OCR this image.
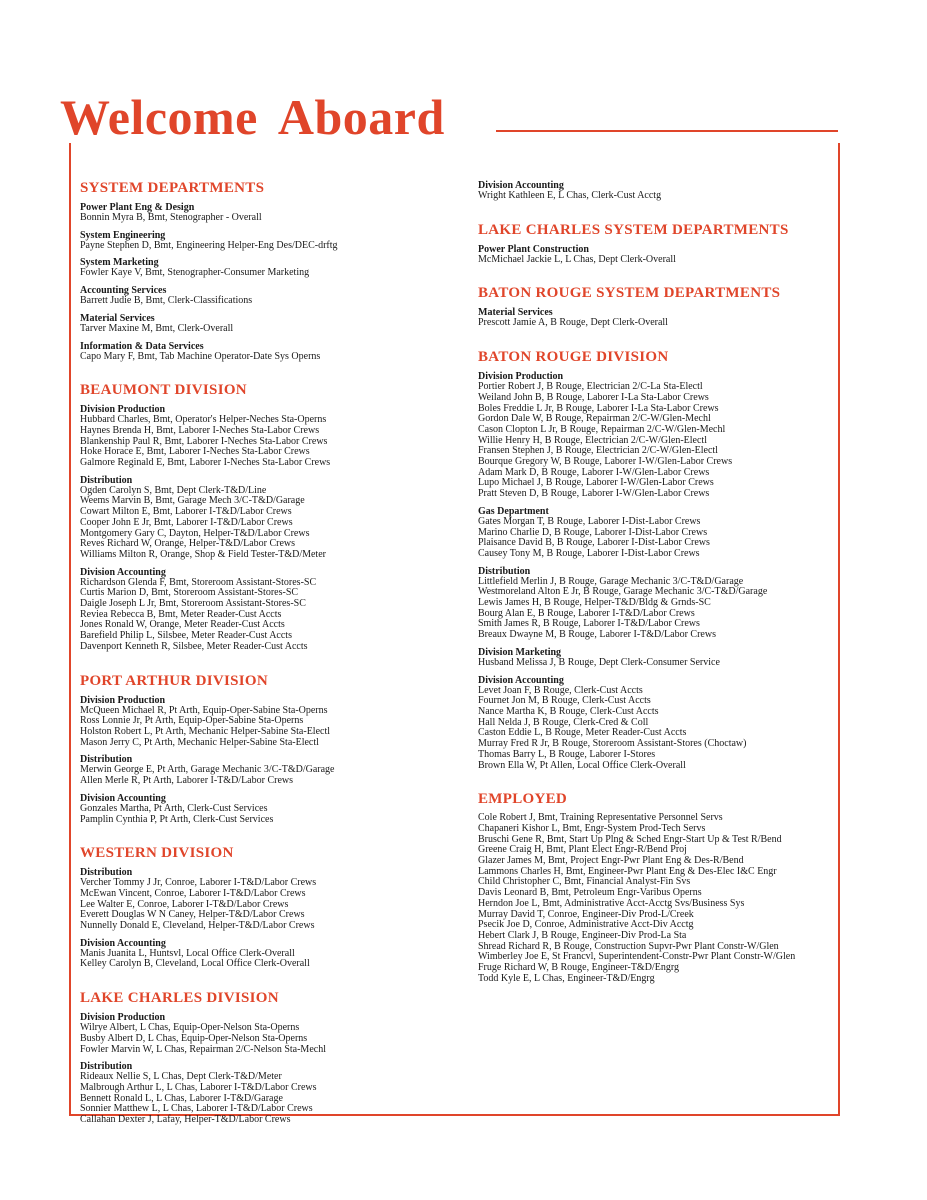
Welcome Aboard
SYSTEM DEPARTMENTS
Power Plant Eng & Design
Bonnin Myra B, Bmt, Stenographer - Overall
System Engineering
Payne Stephen D, Bmt, Engineering Helper-Eng Des/DEC-drftg
System Marketing
Fowler Kaye V, Bmt, Stenographer-Consumer Marketing
Accounting Services
Barrett Judie B, Bmt, Clerk-Classifications
Material Services
Tarver Maxine M, Bmt, Clerk-Overall
Information & Data Services
Capo Mary F, Bmt, Tab Machine Operator-Date Sys Operns
BEAUMONT DIVISION
Division Production
Hubbard Charles, Bmt, Operator's Helper-Neches Sta-Operns
Haynes Brenda H, Bmt, Laborer I-Neches Sta-Labor Crews
Blankenship Paul R, Bmt, Laborer I-Neches Sta-Labor Crews
Hoke Horace E, Bmt, Laborer I-Neches Sta-Labor Crews
Galmore Reginald E, Bmt, Laborer I-Neches Sta-Labor Crews
Distribution
Ogden Carolyn S, Bmt, Dept Clerk-T&D/Line
Weems Marvin B, Bmt, Garage Mech 3/C-T&D/Garage
Cowart Milton E, Bmt, Laborer I-T&D/Labor Crews
Cooper John E Jr, Bmt, Laborer I-T&D/Labor Crews
Montgomery Gary C, Dayton, Helper-T&D/Labor Crews
Reves Richard W, Orange, Helper-T&D/Labor Crews
Williams Milton R, Orange, Shop & Field Tester-T&D/Meter
Division Accounting
Richardson Glenda F, Bmt, Storeroom Assistant-Stores-SC
Curtis Marion D, Bmt, Storeroom Assistant-Stores-SC
Daigle Joseph L Jr, Bmt, Storeroom Assistant-Stores-SC
Reviea Rebecca B, Bmt, Meter Reader-Cust Accts
Jones Ronald W, Orange, Meter Reader-Cust Accts
Barefield Philip L, Silsbee, Meter Reader-Cust Accts
Davenport Kenneth R, Silsbee, Meter Reader-Cust Accts
PORT ARTHUR DIVISION
Division Production
McQueen Michael R, Pt Arth, Equip-Oper-Sabine Sta-Operns
Ross Lonnie Jr, Pt Arth, Equip-Oper-Sabine Sta-Operns
Holston Robert L, Pt Arth, Mechanic Helper-Sabine Sta-Electl
Mason Jerry C, Pt Arth, Mechanic Helper-Sabine Sta-Electl
Distribution
Merwin George E, Pt Arth, Garage Mechanic 3/C-T&D/Garage
Allen Merle R, Pt Arth, Laborer I-T&D/Labor Crews
Division Accounting
Gonzales Martha, Pt Arth, Clerk-Cust Services
Pamplin Cynthia P, Pt Arth, Clerk-Cust Services
WESTERN DIVISION
Distribution
Vercher Tommy J Jr, Conroe, Laborer I-T&D/Labor Crews
McEwan Vincent, Conroe, Laborer I-T&D/Labor Crews
Lee Walter E, Conroe, Laborer I-T&D/Labor Crews
Everett Douglas W N Caney, Helper-T&D/Labor Crews
Nunnelly Donald E, Cleveland, Helper-T&D/Labor Crews
Division Accounting
Manis Juanita L, Huntsvl, Local Office Clerk-Overall
Kelley Carolyn B, Cleveland, Local Office Clerk-Overall
LAKE CHARLES DIVISION
Division Production
Wilrye Albert, L Chas, Equip-Oper-Nelson Sta-Operns
Busby Albert D, L Chas, Equip-Oper-Nelson Sta-Operns
Fowler Marvin W, L Chas, Repairman 2/C-Nelson Sta-Mechl
Distribution
Rideaux Nellie S, L Chas, Dept Clerk-T&D/Meter
Malbrough Arthur L, L Chas, Laborer I-T&D/Labor Crews
Bennett Ronald L, L Chas, Laborer I-T&D/Garage
Sonnier Matthew L, L Chas, Laborer I-T&D/Labor Crews
Callahan Dexter J, Lafay, Helper-T&D/Labor Crews
Division Accounting
Wright Kathleen E, L Chas, Clerk-Cust Acctg
LAKE CHARLES SYSTEM DEPARTMENTS
Power Plant Construction
McMichael Jackie L, L Chas, Dept Clerk-Overall
BATON ROUGE SYSTEM DEPARTMENTS
Material Services
Prescott Jamie A, B Rouge, Dept Clerk-Overall
BATON ROUGE DIVISION
Division Production
Portier Robert J, B Rouge, Electrician 2/C-La Sta-Electl
Weiland John B, B Rouge, Laborer I-La Sta-Labor Crews
Boles Freddie L Jr, B Rouge, Laborer I-La Sta-Labor Crews
Gordon Dale W, B Rouge, Repairman 2/C-W/Glen-Mechl
Cason Clopton L Jr, B Rouge, Repairman 2/C-W/Glen-Mechl
Willie Henry H, B Rouge, Electrician 2/C-W/Glen-Electl
Fransen Stephen J, B Rouge, Electrician 2/C-W/Glen-Electl
Bourque Gregory W, B Rouge, Laborer I-W/Glen-Labor Crews
Adam Mark D, B Rouge, Laborer I-W/Glen-Labor Crews
Lupo Michael J, B Rouge, Laborer I-W/Glen-Labor Crews
Pratt Steven D, B Rouge, Laborer I-W/Glen-Labor Crews
Gas Department
Gates Morgan T, B Rouge, Laborer I-Dist-Labor Crews
Marino Charlie D, B Rouge, Laborer I-Dist-Labor Crews
Plaisance David B, B Rouge, Laborer I-Dist-Labor Crews
Causey Tony M, B Rouge, Laborer I-Dist-Labor Crews
Distribution
Littlefield Merlin J, B Rouge, Garage Mechanic 3/C-T&D/Garage
Westmoreland Alton E Jr, B Rouge, Garage Mechanic 3/C-T&D/Garage
Lewis James H, B Rouge, Helper-T&D/Bldg & Grnds-SC
Bourg Alan E, B Rouge, Laborer I-T&D/Labor Crews
Smith James R, B Rouge, Laborer I-T&D/Labor Crews
Breaux Dwayne M, B Rouge, Laborer I-T&D/Labor Crews
Division Marketing
Husband Melissa J, B Rouge, Dept Clerk-Consumer Service
Division Accounting
Levet Joan F, B Rouge, Clerk-Cust Accts
Fournet Jon M, B Rouge, Clerk-Cust Accts
Nance Martha K, B Rouge, Clerk-Cust Accts
Hall Nelda J, B Rouge, Clerk-Cred & Coll
Caston Eddie L, B Rouge, Meter Reader-Cust Accts
Murray Fred R Jr, B Rouge, Storeroom Assistant-Stores (Choctaw)
Thomas Barry L, B Rouge, Laborer I-Stores
Brown Ella W, Pt Allen, Local Office Clerk-Overall
EMPLOYED
Cole Robert J, Bmt, Training Representative Personnel Servs
Chapaneri Kishor L, Bmt, Engr-System Prod-Tech Servs
Bruschi Gene R, Bmt, Start Up Plng & Sched Engr-Start Up & Test R/Bend
Greene Craig H, Bmt, Plant Elect Engr-R/Bend Proj
Glazer James M, Bmt, Project Engr-Pwr Plant Eng & Des-R/Bend
Lammons Charles H, Bmt, Engineer-Pwr Plant Eng & Des-Elec I&C Engr
Child Christopher C, Bmt, Financial Analyst-Fin Svs
Davis Leonard B, Bmt, Petroleum Engr-Varibus Operns
Herndon Joe L, Bmt, Administrative Acct-Acctg Svs/Business Sys
Murray David T, Conroe, Engineer-Div Prod-L/Creek
Psecik Joe D, Conroe, Administrative Acct-Div Acctg
Hebert Clark J, B Rouge, Engineer-Div Prod-La Sta
Shread Richard R, B Rouge, Construction Supvr-Pwr Plant Constr-W/Glen
Wimberley Joe E, St Francvl, Superintendent-Constr-Pwr Plant Constr-W/Glen
Fruge Richard W, B Rouge, Engineer-T&D/Engrg
Todd Kyle E, L Chas, Engineer-T&D/Engrg
